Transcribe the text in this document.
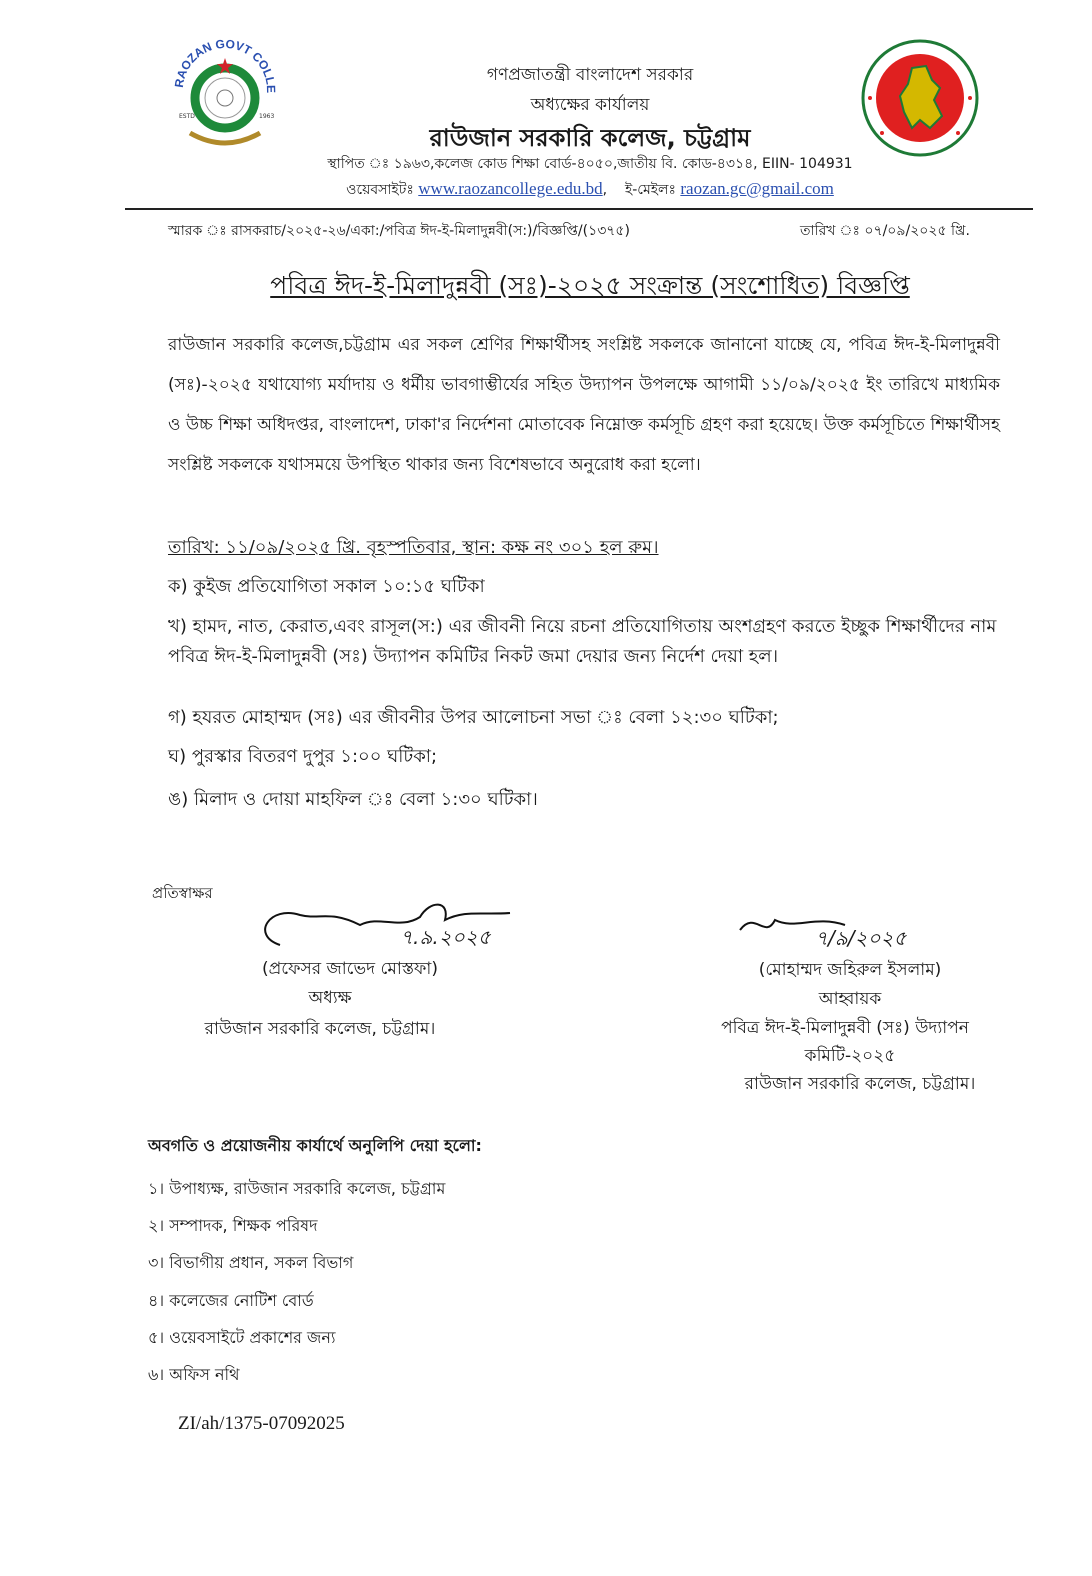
RAOZAN GOVT COLLE
ESTD	1963
গণপ্রজাতন্ত্রী বাংলাদেশ সরকার
অধ্যক্ষের কার্যালয়
রাউজান সরকারি কলেজ, চট্টগ্রাম
স্থাপিত ঃ ১৯৬৩,কলেজ কোড শিক্ষা বোর্ড-৪০৫০,জাতীয় বি. কোড-৪৩১৪, EIIN- 104931
ওয়েবসাইটঃ www.raozancollege.edu.bd,    ই-মেইলঃ raozan.gc@gmail.com
স্মারক ঃ রাসকরাচ/২০২৫-২৬/একা:/পবিত্র ঈদ-ই-মিলাদুন্নবী(স:)/বিজ্ঞপ্তি/(১৩৭৫)	তারিখ ঃ ০৭/০৯/২০২৫ খ্রি.
পবিত্র ঈদ-ই-মিলাদুন্নবী (সঃ)-২০২৫ সংক্রান্ত (সংশোধিত) বিজ্ঞপ্তি
রাউজান সরকারি কলেজ,চট্টগ্রাম এর সকল শ্রেণির শিক্ষার্থীসহ সংশ্লিষ্ট সকলকে জানানো যাচ্ছে যে, পবিত্র ঈদ-ই-মিলাদুন্নবী (সঃ)-২০২৫ যথাযোগ্য মর্যাদায় ও ধর্মীয় ভাবগাম্ভীর্যের সহিত উদ্যাপন উপলক্ষে আগামী ১১/০৯/২০২৫ ইং তারিখে মাধ্যমিক ও উচ্চ শিক্ষা অধিদপ্তর, বাংলাদেশ, ঢাকা'র নির্দেশনা মোতাবেক নিম্নোক্ত কর্মসূচি গ্রহণ করা হয়েছে। উক্ত কর্মসূচিতে শিক্ষার্থীসহ সংশ্লিষ্ট সকলকে যথাসময়ে উপস্থিত থাকার জন্য বিশেষভাবে অনুরোধ করা হলো।
তারিখ: ১১/০৯/২০২৫ খ্রি. বৃহস্পতিবার, স্থান: কক্ষ নং ৩০১ হল রুম।
ক) কুইজ প্রতিযোগিতা সকাল ১০:১৫ ঘটিকা
খ) হামদ, নাত, কেরাত,এবং রাসূল(স:) এর জীবনী নিয়ে রচনা প্রতিযোগিতায় অংশগ্রহণ করতে ইচ্ছুক শিক্ষার্থীদের নাম পবিত্র ঈদ-ই-মিলাদুন্নবী (সঃ) উদ্যাপন কমিটির নিকট জমা দেয়ার জন্য নির্দেশ দেয়া হল।
গ) হযরত মোহাম্মদ (সঃ) এর জীবনীর উপর আলোচনা সভা ঃ বেলা ১২:৩০ ঘটিকা;
ঘ) পুরস্কার বিতরণ দুপুর ১:০০ ঘটিকা;
ঙ) মিলাদ ও দোয়া মাহফিল ঃ বেলা ১:৩০ ঘটিকা।
প্রতিস্বাক্ষর
৭.৯.২০২৫
(প্রফেসর জাভেদ মোস্তফা)
অধ্যক্ষ
রাউজান সরকারি কলেজ, চট্টগ্রাম।
৭/৯/২০২৫
(মোহাম্মদ জহিরুল ইসলাম)
আহ্বায়ক
পবিত্র ঈদ-ই-মিলাদুন্নবী (সঃ) উদ্যাপন
কমিটি-২০২৫
রাউজান সরকারি কলেজ, চট্টগ্রাম।
অবগতি ও প্রয়োজনীয় কার্যার্থে অনুলিপি দেয়া হলো:
১। উপাধ্যক্ষ, রাউজান সরকারি কলেজ, চট্টগ্রাম
২। সম্পাদক, শিক্ষক পরিষদ
৩। বিভাগীয় প্রধান, সকল বিভাগ
৪। কলেজের নোটিশ বোর্ড
৫। ওয়েবসাইটে প্রকাশের জন্য
৬। অফিস নথি
ZI/ah/1375-07092025
